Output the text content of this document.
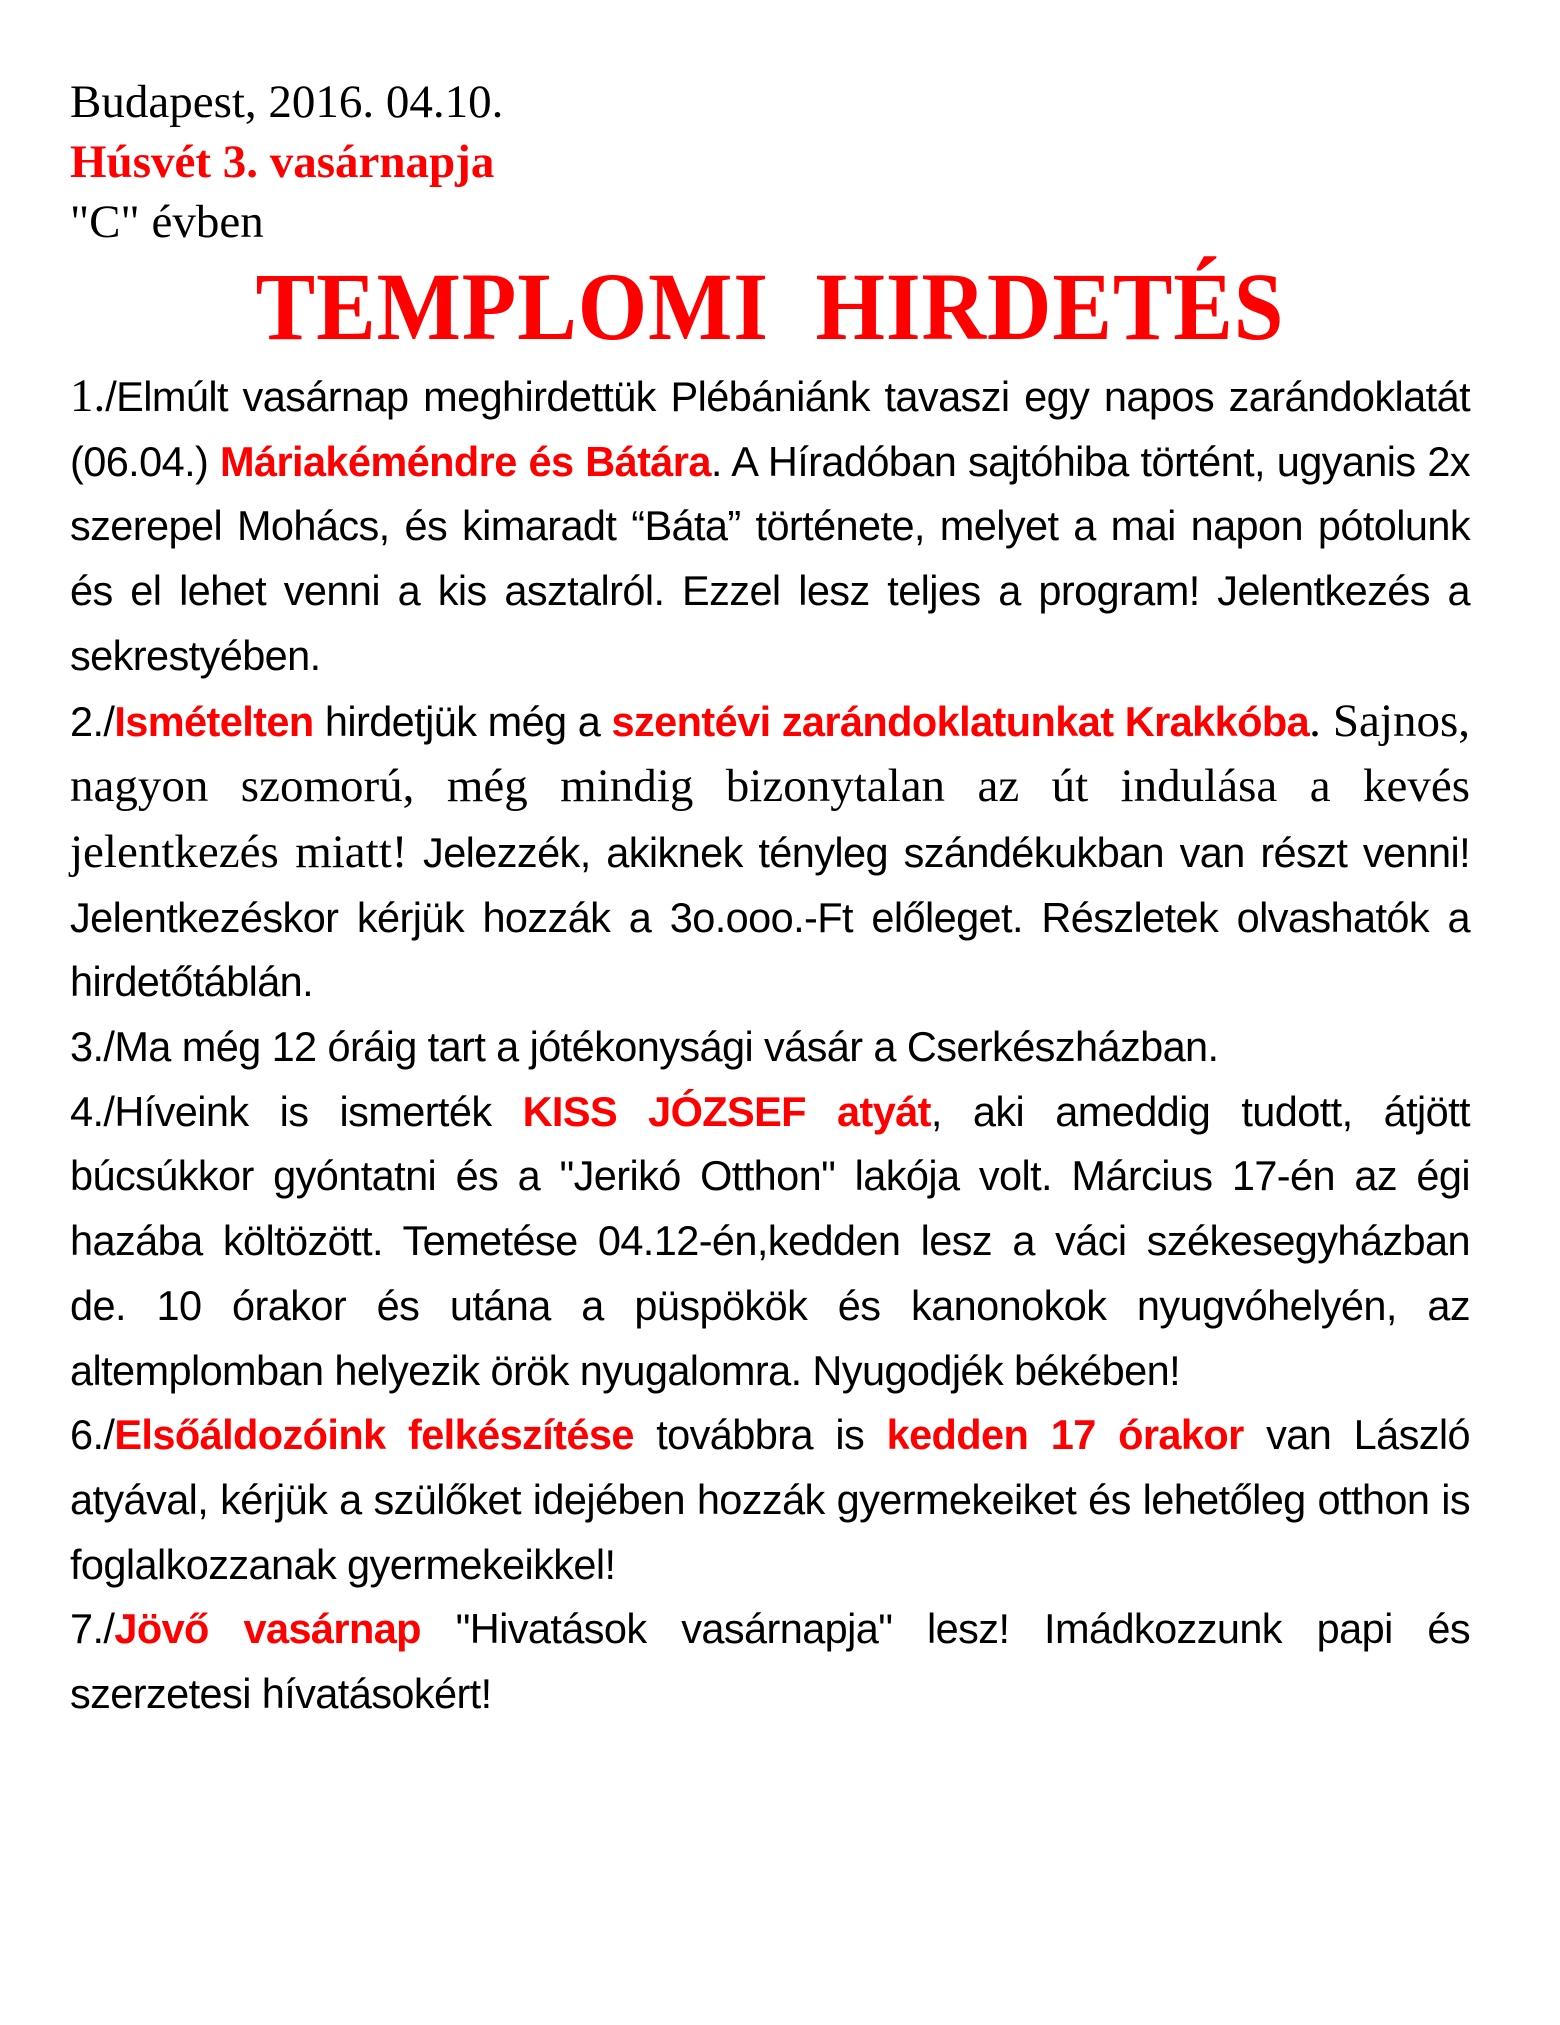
Budapest, 2016. 04.10.
Húsvét 3. vasárnapja
"C" évben
TEMPLOMI  HIRDETÉS
1./Elmúlt vasárnap meghirdettük Plébániánk tavaszi egy napos zarándoklatát (06.04.) Máriakéméndre és Bátára. A Híradóban sajtóhiba történt, ugyanis 2x szerepel Mohács, és kimaradt “Báta” története, melyet a mai napon pótolunk és el lehet venni a kis asztalról. Ezzel lesz teljes a program! Jelentkezés a sekrestyében.
2./Ismételten hirdetjük még a szentévi zarándoklatunkat Krakkóba. Sajnos, nagyon szomorú, még mindig bizonytalan az út indulása a kevés jelentkezés miatt! Jelezzék, akiknek tényleg szándékukban van részt venni! Jelentkezéskor kérjük hozzák a 3o.ooo.-Ft előleget. Részletek olvashatók a hirdetőtáblán.
3./Ma még 12 óráig tart a jótékonysági vásár a Cserkészházban.
4./Híveink is ismerték KISS JÓZSEF atyát, aki ameddig tudott, átjött búcsúkkor gyóntatni és a "Jerikó Otthon" lakója volt. Március 17-én az égi hazába költözött. Temetése 04.12-én,kedden lesz a váci székesegyházban de. 10 órakor és utána a püspökök és kanonokok nyugvóhelyén, az altemplomban helyezik örök nyugalomra. Nyugodjék békében!
6./Elsőáldozóink felkészítése továbbra is kedden 17 órakor van László atyával, kérjük a szülőket idejében hozzák gyermekeiket és lehetőleg otthon is foglalkozzanak gyermekeikkel!
7./Jövő vasárnap "Hivatások vasárnapja" lesz! Imádkozzunk papi és szerzetesi hívatásokért!
